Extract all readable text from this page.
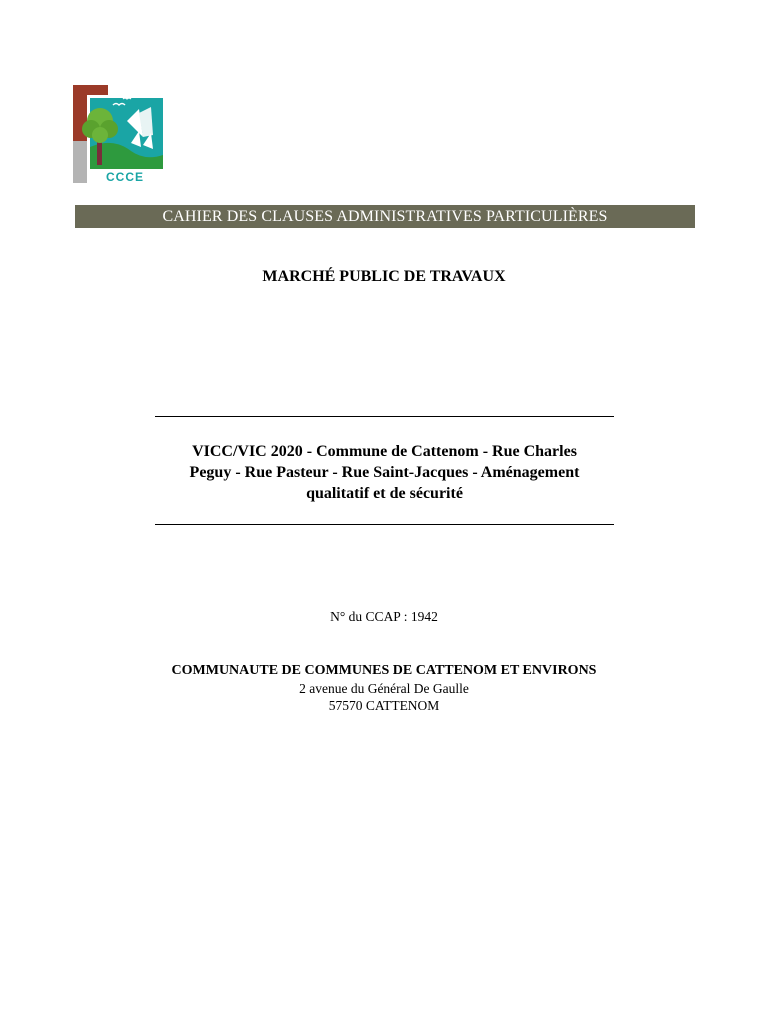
CCCE
CAHIER DES CLAUSES ADMINISTRATIVES PARTICULIÈRES
MARCHÉ PUBLIC DE TRAVAUX
VICC/VIC 2020 - Commune de Cattenom - Rue Charles
Peguy - Rue Pasteur - Rue Saint-Jacques - Aménagement
qualitatif et de sécurité
N° du CCAP : 1942
COMMUNAUTE DE COMMUNES DE CATTENOM ET ENVIRONS
2 avenue du Général De Gaulle
57570 CATTENOM
